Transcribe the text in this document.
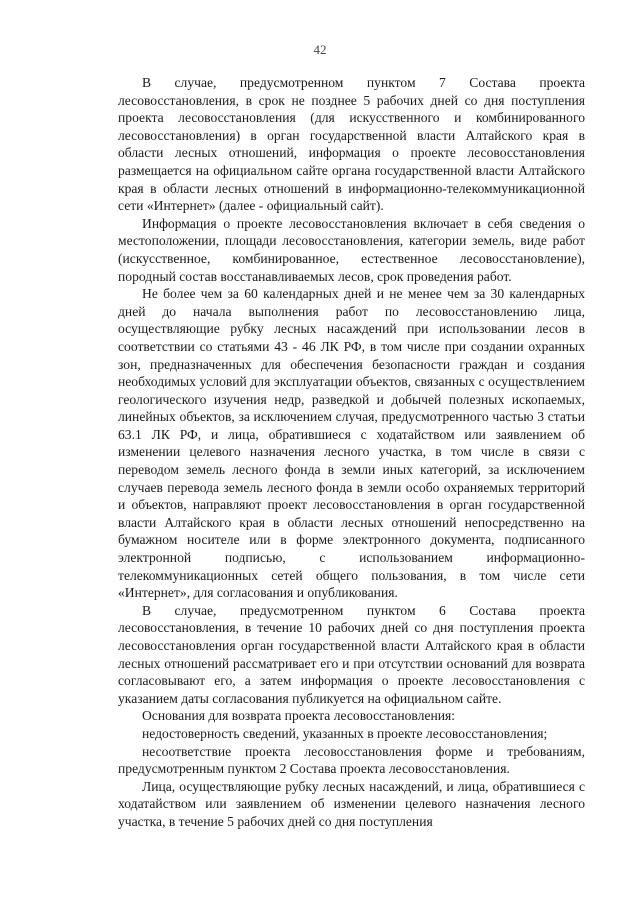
42

В случае, предусмотренном пунктом 7 Состава проекта лесовосстановления, в срок не позднее 5 рабочих дней со дня поступления проекта лесовосстановления (для искусственного и комбинированного лесовосстановления) в орган государственной власти Алтайского края в области лесных отношений, информация о проекте лесовосстановления размещается на официальном сайте органа государственной власти Алтайского края в области лесных отношений в информационно-телекоммуникационной сети «Интернет» (далее - официальный сайт).

Информация о проекте лесовосстановления включает в себя сведения о местоположении, площади лесовосстановления, категории земель, виде работ (искусственное, комбинированное, естественное лесовосстановление), породный состав восстанавливаемых лесов, срок проведения работ.

Не более чем за 60 календарных дней и не менее чем за 30 календарных дней до начала выполнения работ по лесовосстановлению лица, осуществляющие рубку лесных насаждений при использовании лесов в соответствии со статьями 43 - 46 ЛК РФ, в том числе при создании охранных зон, предназначенных для обеспечения безопасности граждан и создания необходимых условий для эксплуатации объектов, связанных с осуществлением геологического изучения недр, разведкой и добычей полезных ископаемых, линейных объектов, за исключением случая, предусмотренного частью 3 статьи 63.1 ЛК РФ, и лица, обратившиеся с ходатайством или заявлением об изменении целевого назначения лесного участка, в том числе в связи с переводом земель лесного фонда в земли иных категорий, за исключением случаев перевода земель лесного фонда в земли особо охраняемых территорий и объектов, направляют проект лесовосстановления в орган государственной власти Алтайского края в области лесных отношений непосредственно на бумажном носителе или в форме электронного документа, подписанного электронной подписью, с использованием информационно-телекоммуникационных сетей общего пользования, в том числе сети «Интернет», для согласования и опубликования.

В случае, предусмотренном пунктом 6 Состава проекта лесовосстановления, в течение 10 рабочих дней со дня поступления проекта лесовосстановления орган государственной власти Алтайского края в области лесных отношений рассматривает его и при отсутствии оснований для возврата согласовывают его, а затем информация о проекте лесовосстановления с указанием даты согласования публикуется на официальном сайте.

Основания для возврата проекта лесовосстановления:

недостоверность сведений, указанных в проекте лесовосстановления;

несоответствие проекта лесовосстановления форме и требованиям, предусмотренным пунктом 2 Состава проекта лесовосстановления.

Лица, осуществляющие рубку лесных насаждений, и лица, обратившиеся с ходатайством или заявлением об изменении целевого назначения лесного участка, в течение 5 рабочих дней со дня поступления
